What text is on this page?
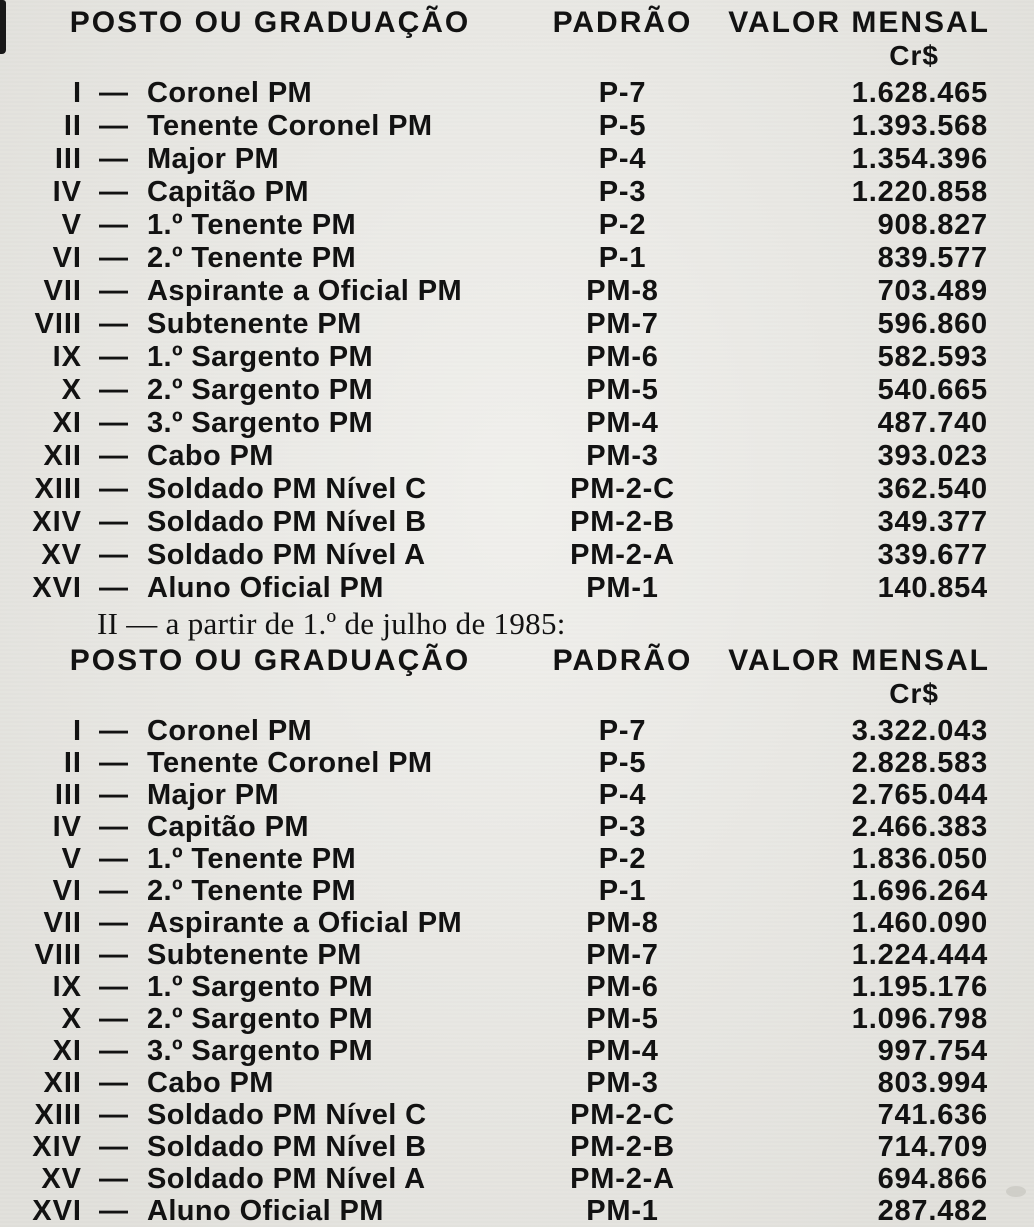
POSTO OU GRADUAÇÃO	PADRÃO	VALOR MENSAL
Cr$
I — Coronel PM	P-7	1.628.465
II — Tenente Coronel PM	P-5	1.393.568
III — Major PM	P-4	1.354.396
IV — Capitão PM	P-3	1.220.858
V — 1.º Tenente PM	P-2	908.827
VI — 2.º Tenente PM	P-1	839.577
VII — Aspirante a Oficial PM	PM-8	703.489
VIII — Subtenente PM	PM-7	596.860
IX — 1.º Sargento PM	PM-6	582.593
X — 2.º Sargento PM	PM-5	540.665
XI — 3.º Sargento PM	PM-4	487.740
XII — Cabo PM	PM-3	393.023
XIII — Soldado PM Nível C	PM-2-C	362.540
XIV — Soldado PM Nível B	PM-2-B	349.377
XV — Soldado PM Nível A	PM-2-A	339.677
XVI — Aluno Oficial PM	PM-1	140.854

II — a partir de 1.º de julho de 1985:

POSTO OU GRADUAÇÃO	PADRÃO	VALOR MENSAL
Cr$
I — Coronel PM	P-7	3.322.043
II — Tenente Coronel PM	P-5	2.828.583
III — Major PM	P-4	2.765.044
IV — Capitão PM	P-3	2.466.383
V — 1.º Tenente PM	P-2	1.836.050
VI — 2.º Tenente PM	P-1	1.696.264
VII — Aspirante a Oficial PM	PM-8	1.460.090
VIII — Subtenente PM	PM-7	1.224.444
IX — 1.º Sargento PM	PM-6	1.195.176
X — 2.º Sargento PM	PM-5	1.096.798
XI — 3.º Sargento PM	PM-4	997.754
XII — Cabo PM	PM-3	803.994
XIII — Soldado PM Nível C	PM-2-C	741.636
XIV — Soldado PM Nível B	PM-2-B	714.709
XV — Soldado PM Nível A	PM-2-A	694.866
XVI — Aluno Oficial PM	PM-1	287.482
